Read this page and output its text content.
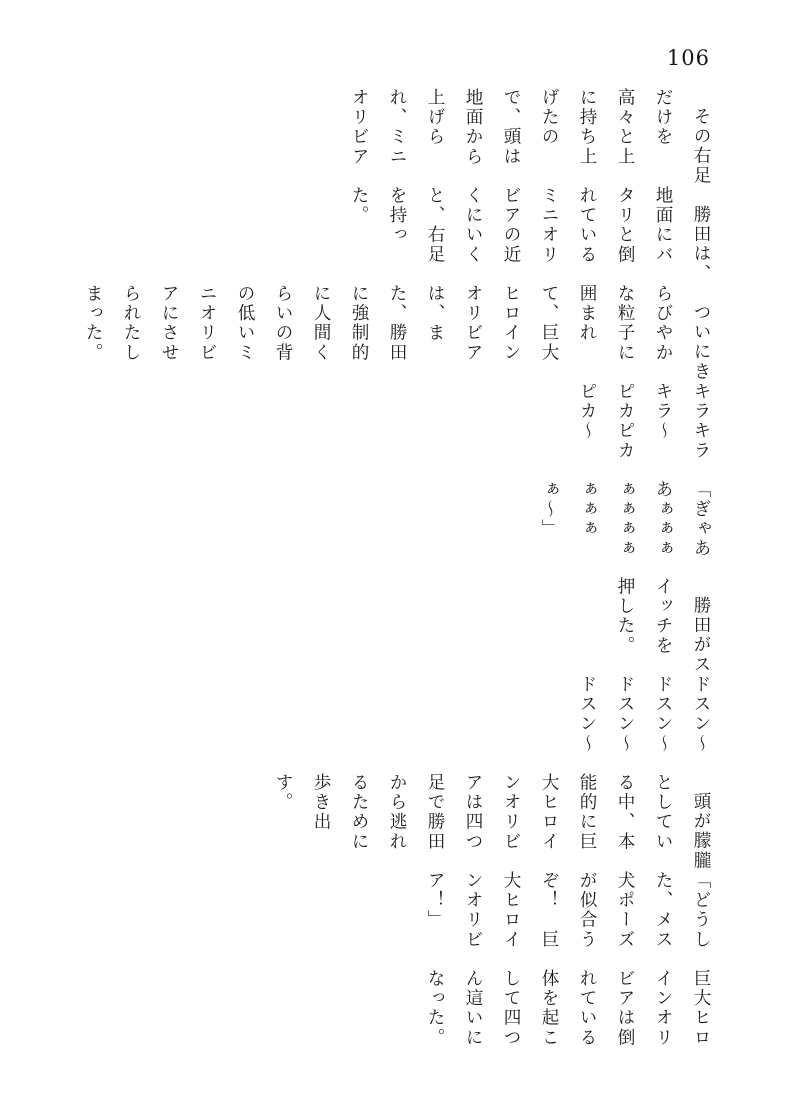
106
巨大ヒロインオリビアは倒れている体を起こして四つん這いになった。
「どうした、メス犬ポーズが似合うぞ！　巨大ヒロインオリビア！」
頭が朦朧としている中、本能的に巨大ヒロインオリビアは四つ足で勝田から逃れるために歩き出す。
ドスン〜　ドスン〜ドスン〜ドスン〜
勝田がスイッチを押した。
「ぎゃああぁぁぁぁぁぁぁぁぁぁぁ〜」
キラキラキラ〜　ピカピカピカ〜
ついにきらびやかな粒子に囲まれて、巨大ヒロインオリビアは、また、勝田に強制的に人間くらいの背の低いミニオリビアにさせられたしまった。
勝田は、地面にバタリと倒れているミニオリビアの近くにいくと、右足を持った。
その右足だけを高々と上に持ち上げたので、頭は地面から上げられ、ミニオリビア
